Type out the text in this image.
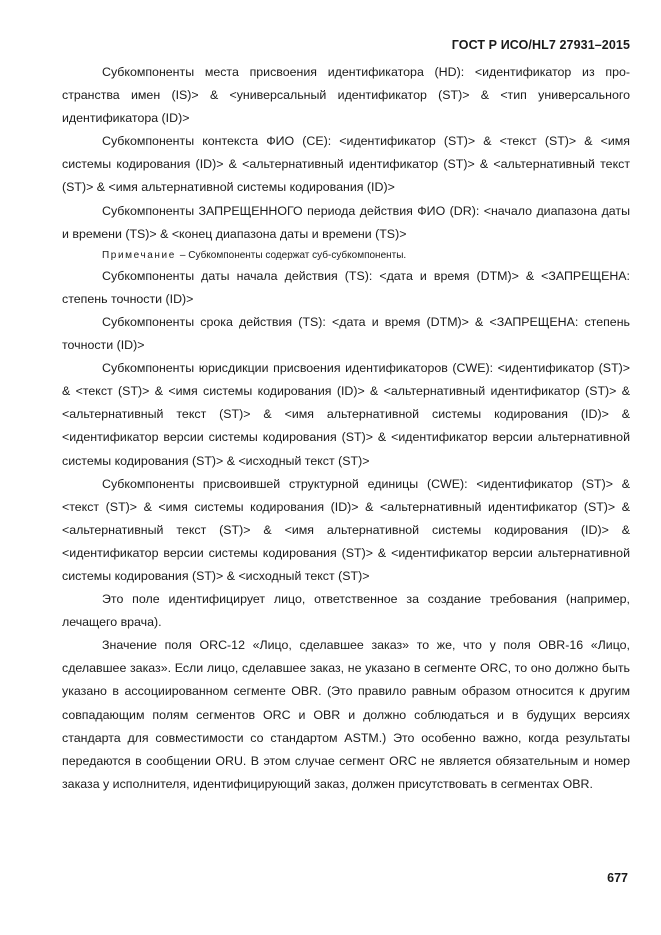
ГОСТ Р ИСО/HL7 27931–2015

Субкомпоненты места присвоения идентификатора (HD): <идентификатор из пространства имен (IS)> & <универсальный идентификатор (ST)> & <тип универсального идентификатора (ID)>

Субкомпоненты контекста ФИО (CE): <идентификатор (ST)> & <текст (ST)> & <имя системы кодирования (ID)> & <альтернативный идентификатор (ST)> & <альтернативный текст (ST)> & <имя альтернативной системы кодирования (ID)>

Субкомпоненты ЗАПРЕЩЕННОГО периода действия ФИО (DR): <начало диапазона даты и времени (TS)> & <конец диапазона даты и времени (TS)>

Примечание – Субкомпоненты содержат суб-субкомпоненты.

Субкомпоненты даты начала действия (TS): <дата и время (DTM)> & <ЗАПРЕЩЕНА: степень точности (ID)>

Субкомпоненты срока действия (TS): <дата и время (DTM)> & <ЗАПРЕЩЕНА: степень точности (ID)>

Субкомпоненты юрисдикции присвоения идентификаторов (CWE): <идентификатор (ST)> & <текст (ST)> & <имя системы кодирования (ID)> & <альтернативный идентификатор (ST)> & <альтернативный текст (ST)> & <имя альтернативной системы кодирования (ID)> & <идентификатор версии системы кодирования (ST)> & <идентификатор версии альтернативной системы кодирования (ST)> & <исходный текст (ST)>

Субкомпоненты присвоившей структурной единицы (CWE): <идентификатор (ST)> & <текст (ST)> & <имя системы кодирования (ID)> & <альтернативный идентификатор (ST)> & <альтернативный текст (ST)> & <имя альтернативной системы кодирования (ID)> & <идентификатор версии системы кодирования (ST)> & <идентификатор версии альтернативной системы кодирования (ST)> & <исходный текст (ST)>

Это поле идентифицирует лицо, ответственное за создание требования (например, лечащего врача).

Значение поля ORC-12 «Лицо, сделавшее заказ» то же, что у поля OBR-16 «Лицо, сделавшее заказ». Если лицо, сделавшее заказ, не указано в сегменте ORC, то оно должно быть указано в ассоциированном сегменте OBR. (Это правило равным образом относится к другим совпадающим полям сегментов ORC и OBR и должно соблюдаться и в будущих версиях стандарта для совместимости со стандартом ASTM.) Это особенно важно, когда результаты передаются в сообщении ORU. В этом случае сегмент ORC не является обязательным и номер заказа у исполнителя, идентифицирующий заказ, должен присутствовать в сегментах OBR.

677
